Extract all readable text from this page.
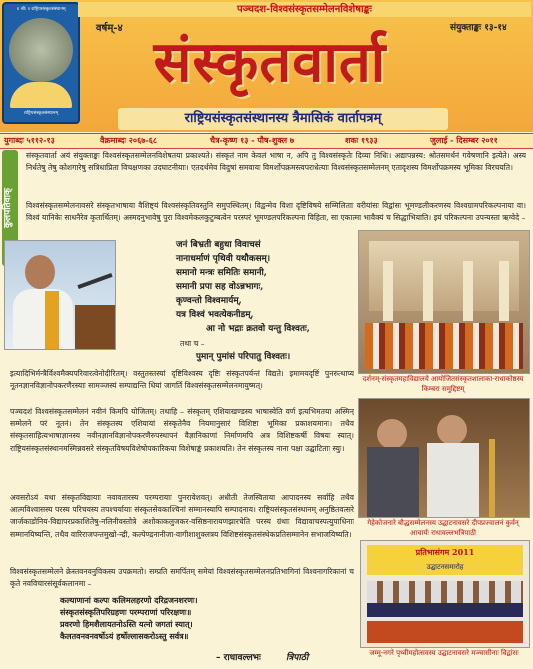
॥ श्रीः ॥ राष्ट्रियसंस्कृतसंस्थानम्
राष्ट्रियसंस्कृतसंस्थानम्
पञ्चदश-विश्वसंस्कृतसम्मेलनविशेषाङ्कः
वर्षम्-४	संयुक्ताङ्कः १३-१४
संस्कृतवार्ता
राष्ट्रियसंस्कृतसंस्थानस्य त्रैमासिकं वार्तापत्रम्
युगाब्दः ५११२-१३	वैक्रमाब्दः २०६७-६८	चैत्र-कृष्ण १३ - पौष-शुक्ल ७	शकः १९३३	जुलाई - दिसम्बर २०११
कुलपतिवाक्
संस्कृतवार्ता अयं संयुक्ताङ्कः विश्वसंस्कृतसम्मेलनविशेषतया प्रकाश्यते। संस्कृतं नाम केवलं भाषा न, अपि तु विश्वसंस्कृतेः दिव्या निधिः। अद्यापन्नस्य: श्रोतसमर्थनं गवेषणानि इत्येते। अस्य निर्धतेषु तेषु कोशगारेषु सत्रिधाप्रिता विचक्षणका उदघाटनीयाः। एतदर्थमेव विदुषां समवायः विमर्शोपक्रमस्त्वपराधेत्याः विश्वसंस्कृतसम्मेलनम् एतादृशस्य विमर्शोपक्रमस्य भूमिका विरचयति।
विश्वसंस्कृतसम्मेलनावसरे संस्कृतभाषाया वैशिष्ट्यं विश्वसंस्कृतिवस्तुनि समुपस्थितम्। विद्वन्मेव विशा दृष्टिविषये सम्मिलिताः वरीयांसः विद्वांसः भूमण्डलीकरणस्य विश्वग्रामपरिकल्पनाया वा। विश्वं यानिकेः साधनैरेव कृतार्थितम्। अस्मदनुभावेषु पुरा विश्वमेकलकुटुम्बत्वेन परस्परं भूमण्डलपरिकल्पना विहिता, सा एकात्मा भावैक्यं च सिद्धाभियाति। इयं परिकल्पना उपन्यस्ता ऋग्वेदे –
जनं बिभ्रती बहुधा विवाचसं
नानाधर्माणं पृथिवी यथौकसम्।
समानो मन्त्रः समितिः समानी,
समानी प्रपा सह वोऽन्नभागः,
कृण्वन्तो विश्वमार्यम्,
यत्र विश्वं भवत्येकनीडम्,
आ नो भद्राः क्रतवो यन्तु विश्वतः,
तथा च –
पुमान् पुमांसं परिपातु विश्वतः।
दर्शनम्-संस्कृतमहाविद्यालये आयोजितसंस्कृतशालाका-राधाकोष्ठस्य किम्बरा समुद्दिष्टम्
इत्यादिभिर्मन्त्रैर्विश्वमैक्यपरिवारत्वेनोदीरितम्। वस्तुतस्तस्यां दृष्टिविश्वस्य दृष्टिः संस्कृतपर्यन्तं विद्यते। इमामयदृष्टिं पुनरुत्थाप्य नूतनज्ञानविज्ञानोपकरणैरस्याः सामञ्जस्यं सम्पाद्यन्ति धियां जागर्ति विश्वसंस्कृतसम्मेलनमायुष्मत्।
पञ्चदशं विश्वसंस्कृतसम्मेलनं नवीनं किमपि योजितम्। तथाहि – संस्कृतम् एशियाखण्डस्य भाषास्वेति वर्ण इत्यभिमतया अस्मिन् सम्मेलने परं नूतनं। तेन संस्कृतस्य एशियायां संस्कृतेनैव नियमानुसारं विशिष्टा भूमिका प्रकाशयमानः। तथैव संस्कृतसाहित्यभाषाज्ञानस्य नवीनज्ञानविज्ञानोपकरणैरुपस्थापनं वैज्ञानिकाणां निर्माणमपि अत्र विशिष्टकर्षी विषयः स्यात्। राष्ट्रियसंस्कृतसंस्थानमस्मिन्नवसरे संस्कृतविषयविशेषोपकारिकया विशेषाङ्कं प्रकाशयति। तेन संस्कृतस्य नाना पक्षा उद्घाटिताः स्युः।
गेहेकोजनारे बौद्धसम्मेलनस्य उद्घाटनावसरे दीपप्रज्वालनं कुर्वन् आचार्यः राधावल्लभत्रिपाठी
अवसरोऽयं यथा संस्कृतविद्यायाः नवावतारस्य परम्परायाः पुनरावेशवत्। अधीती तेजस्विताया आपादनस्य सर्वाहि तथैव आत्मविश्वासस्य परस्य परिचयस्य तपश्चर्यायाः संस्कृतसेवकाश्चिनां सम्मानस्यापि सम्पादनाय। राष्ट्रियसंस्कृतसंस्थानम् अनुष्ठितवत्सरे जार्जकाडोनिय-विद्यापरप्रकाशितेषु-नलिनीवस्तोत्रे अशोकाकलुजकर-वसिष्ठनारायणझारचेति परस्य ग्रंथाः विद्यावाचस्पत्युपाधिनाः सम्मानयिष्यन्ति, तथैव वारिराजपन्तमुखो-न्द्री, कल्पेण्द्रनानीजा-वागीशाशुक्लत्रय विशिष्टसंस्कृतसंस्थेकप्रतिसम्मानेन सभाजयिष्यति।
विश्वसंस्कृतसम्मेलने क्रेस्तवनवनुविकस्य उपक्रमतो। सम्प्रति समर्पितम् समेयां विश्वसंस्कृतसम्मेलनप्रतिभागिनां विश्वनागरिकानां च कृते नवविचारसंसूर्वकलानमा –
कल्याणानां कल्पः कलिमलहरणो दरिद्रजनशरणः।
संस्कृतसंस्कृतिपरिग्रहणः परम्पराणां परिरक्षणः॥
प्रवरणो हिमशैलायतनोऽस्ति यत्नो जगतां स्यात्।
कैलतवनवनवर्षोऽयं हर्षोल्लासकरोऽस्तु सर्वत्र॥
– राधावल्लभः	त्रिपाठी
प्रतिभासंगम 2011
उद्घाटनसमारोह
जम्मू-नगरे पृथ्वीमहोत्सवस्य उद्घाटनावसरे मञ्चासीनाः विद्वांसः
